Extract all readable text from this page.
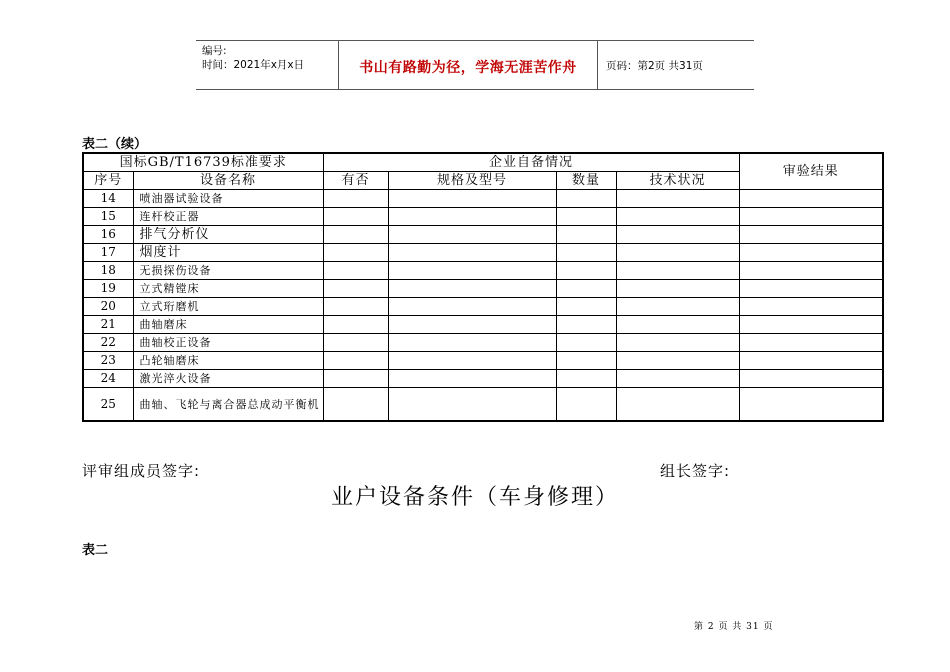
编号:
时间：2021年x月x日	书山有路勤为径，学海无涯苦作舟	页码：第2页 共31页
表二（续）
国标GB/T16739标准要求		企业自备情况				审验结果
序号	设备名称	有否	规格及型号	数量	技术状况	
14	喷油器试验设备					
15	连杆校正器					
16	排气分析仪					
17	烟度计					
18	无损探伤设备					
19	立式精镗床					
20	立式珩磨机					
21	曲轴磨床					
22	曲轴校正设备					
23	凸轮轴磨床					
24	激光淬火设备					
25	曲轴、飞轮与离合器总成动平衡机					
评审组成员签字:	组长签字:
业户设备条件（车身修理）
表二
第 2 页 共 31 页
